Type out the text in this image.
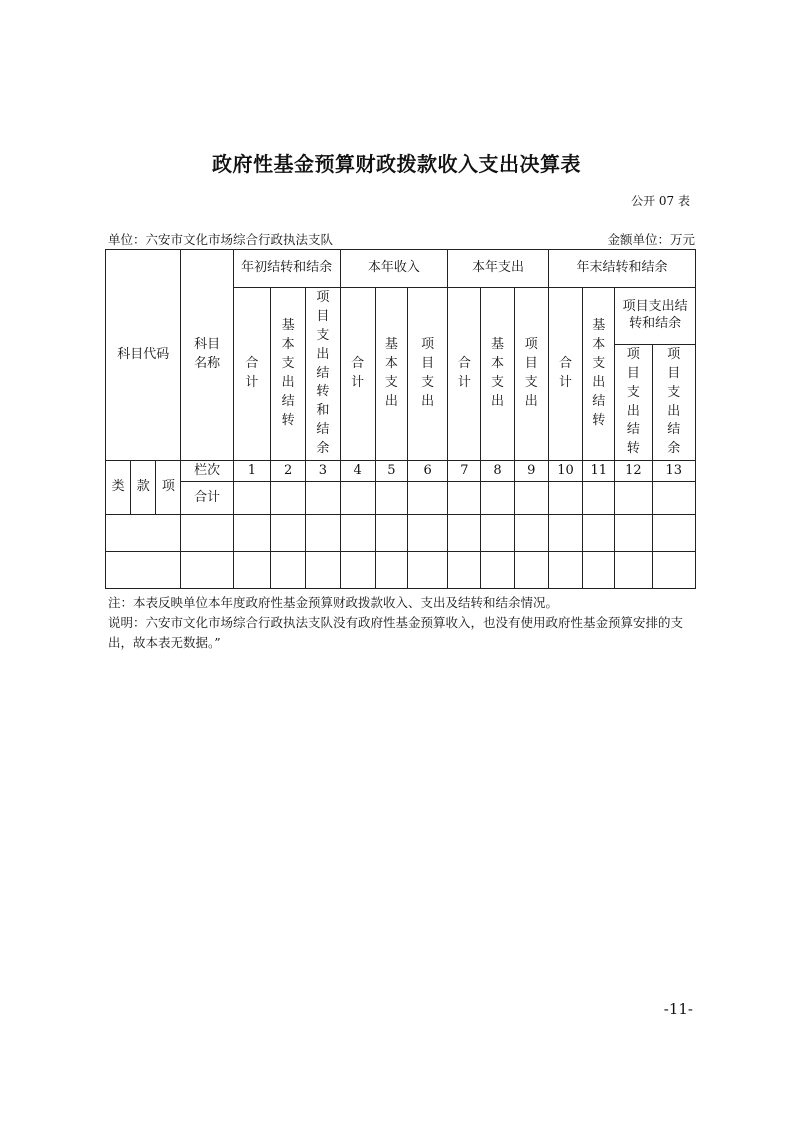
政府性基金预算财政拨款收入支出决算表
公开 07 表
单位：六安市文化市场综合行政执法支队	金额单位：万元
科目代码			科目名称	年初结转和结余			本年收入			本年支出			年末结转和结余			
				合计	基本支出结转	项目支出结转和结余	合计	基本支出	项目支出	合计	基本支出	项目支出	合计	基本支出结转	项目支出结转和结余	
															项目支出结转	项目支出结余
类	款	项	栏次	1	2	3	4	5	6	7	8	9	10	11	12	13
			合计													

注：本表反映单位本年度政府性基金预算财政拨款收入、支出及结转和结余情况。
说明：六安市文化市场综合行政执法支队没有政府性基金预算收入，也没有使用政府性基金预算安排的支出，故本表无数据。”
-11-
